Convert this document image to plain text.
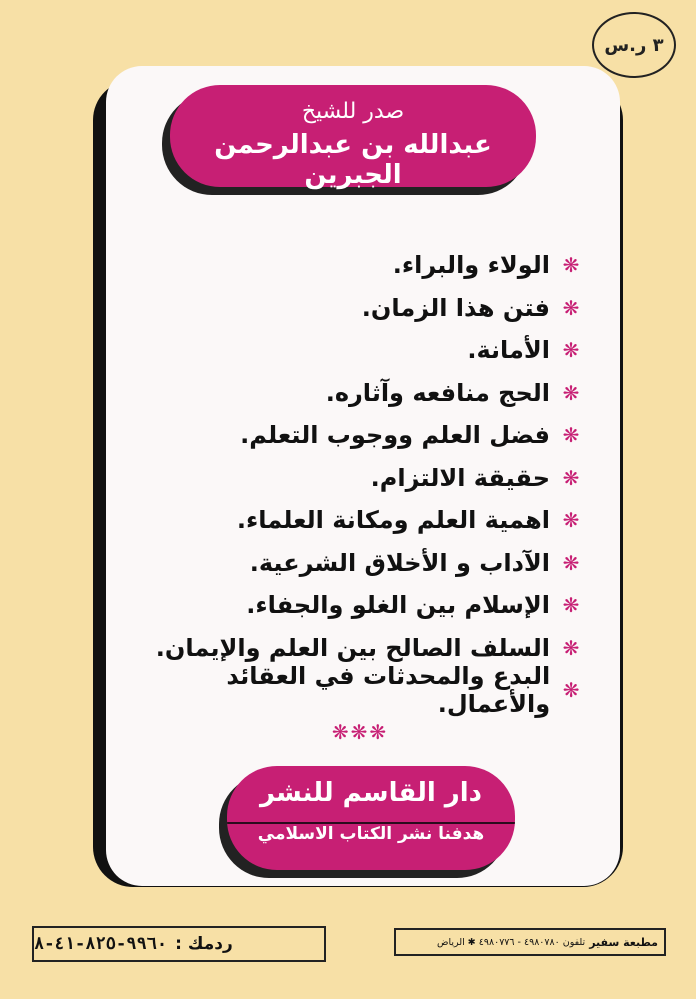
٣ ر.س
صدر للشيخ
عبدالله بن عبدالرحمن الجبرين
❋
الولاء والبراء.
❋
فتن هذا الزمان.
❋
الأمانة.
❋
الحج منافعه وآثاره.
❋
فضل العلم ووجوب التعلم.
❋
حقيقة الالتزام.
❋
اهمية العلم ومكانة العلماء.
❋
الآداب و الأخلاق الشرعية.
❋
الإسلام بين الغلو والجفاء.
❋
السلف الصالح بين العلم والإيمان.
❋
البدع والمحدثات في العقائد والأعمال.
❋❋❋
دار القاسم للنشر
هدفنا نشر الكتاب الاسلامي
ردمك :
٩٩٦٠-٨٢٥-٤١-٨	مطبعة سفير
تلفون ٤٩٨٠٧٨٠ - ٤٩٨٠٧٧٦ ✱ الرياض
